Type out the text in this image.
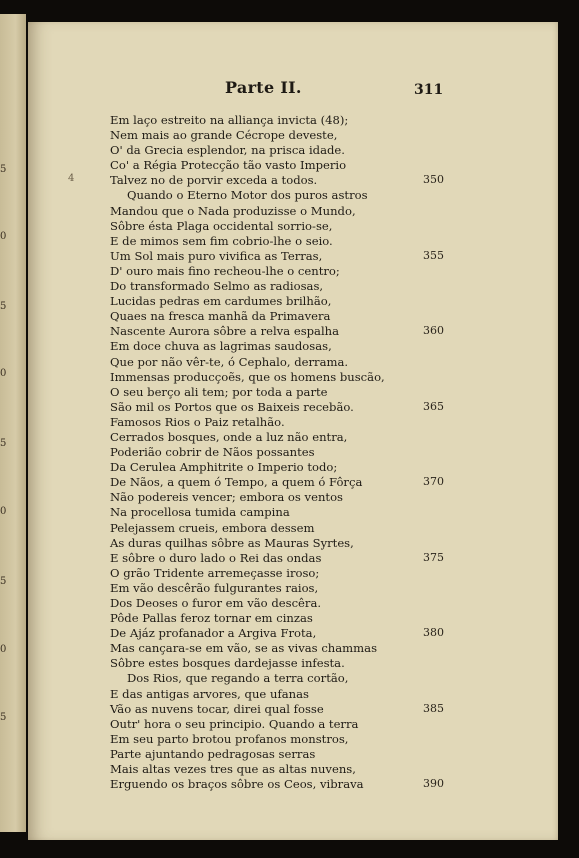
5
0
5
0
5
0
5
0
5
Parte II.	311
4
Em laço estreito na alliança invicta (48);
Nem mais ao grande Cécrope deveste,
O' da Grecia esplendor, na prisca idade.
Co' a Régia Protecção tão vasto Imperio
Talvez no de porvir exceda a todos.
Quando o Eterno Motor dos puros astros
Mandou que o Nada produzisse o Mundo,
Sôbre ésta Plaga occidental sorrio-se,
E de mimos sem fim cobrio-lhe o seio.
Um Sol mais puro vivifica as Terras,
D' ouro mais fino recheou-lhe o centro;
Do transformado Selmo as radiosas,
Lucidas pedras em cardumes brilhão,
Quaes na fresca manhã da Primavera
Nascente Aurora sôbre a relva espalha
Em doce chuva as lagrimas saudosas,
Que por não vêr-te, ó Cephalo, derrama.
Immensas producçoẽs, que os homens buscão,
O seu berço ali tem; por toda a parte
São mil os Portos que os Baixeis recebão.
Famosos Rios o Paiz retalhão.
Cerrados bosques, onde a luz não entra,
Poderião cobrir de Nãos possantes
Da Cerulea Amphitrite o Imperio todo;
De Nãos, a quem ó Tempo, a quem ó Fôrça
Não podereis vencer; embora os ventos
Na procellosa tumida campina
Pelejassem crueis, embora dessem
As duras quilhas sôbre as Mauras Syrtes,
E sôbre o duro lado o Rei das ondas
O grão Tridente arremeçasse iroso;
Em vão descêrão fulgurantes raios,
Dos Deoses o furor em vão descêra.
Pôde Pallas feroz tornar em cinzas
De Ajáz profanador a Argiva Frota,
Mas cançara-se em vão, se as vivas chammas
Sôbre estes bosques dardejasse infesta.
Dos Rios, que regando a terra cortão,
E das antigas arvores, que ufanas
Vão as nuvens tocar, direi qual fosse
Outr' hora o seu principio. Quando a terra
Em seu parto brotou profanos monstros,
Parte ajuntando pedragosas serras
Mais altas vezes tres que as altas nuvens,
Erguendo os braços sôbre os Ceos, vibrava
350
355
360
365
370
375
380
385
390
